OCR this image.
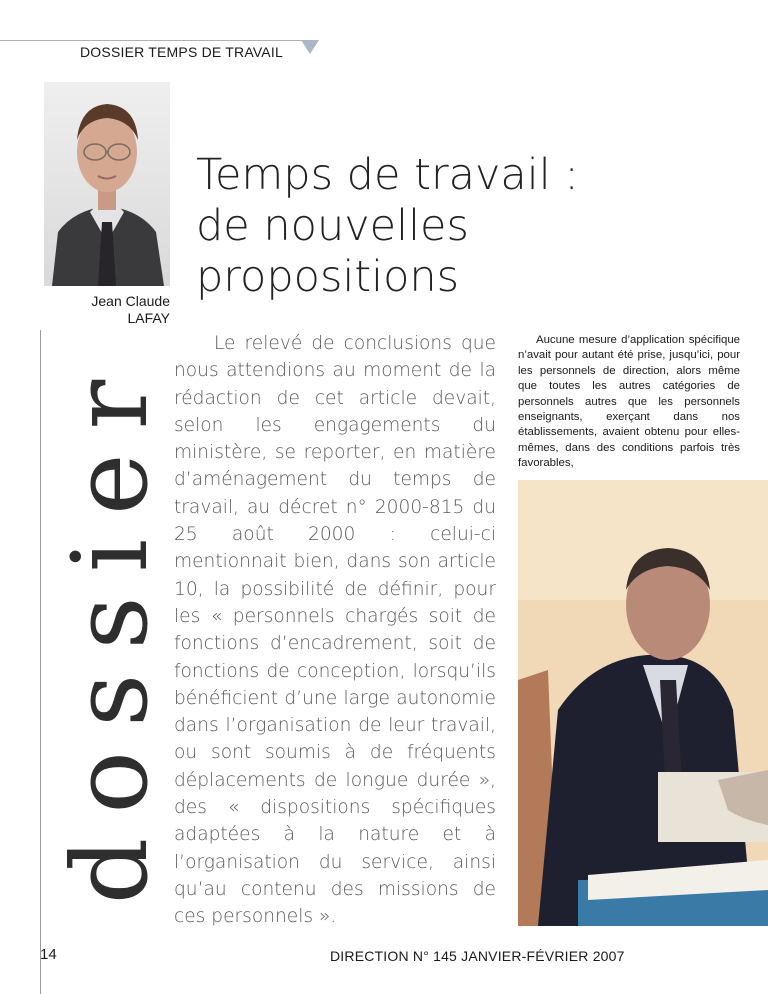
DOSSIER TEMPS DE TRAVAIL
Jean Claude
LAFAY
dossier
Temps de travail : de nouvelles propositions

Le relevé de conclusions que nous attendions au moment de la rédaction de cet article devait, selon les engagements du ministère, se reporter, en matière d’aménagement du temps de travail, au décret n° 2000-815 du 25 août 2000 : celui-ci mentionnait bien, dans son article 10, la possibilité de définir, pour les « personnels chargés soit de fonctions d’encadrement, soit de fonctions de conception, lorsqu’ils bénéficient d’une large autonomie dans l’organisation de leur travail, ou sont soumis à de fréquents déplacements de longue durée », des « dispositions spécifiques adaptées à la nature et à l’organisation du service, ainsi qu’au contenu des missions de ces personnels ».

Aucune mesure d’application spécifique n’avait pour autant été prise, jusqu’ici, pour les personnels de direction, alors même que toutes les autres catégories de personnels autres que les personnels enseignants, exerçant dans nos établissements, avaient obtenu pour elles-mêmes, dans des conditions parfois très favorables,

14	DIRECTION N° 145 JANVIER-FÉVRIER 2007
